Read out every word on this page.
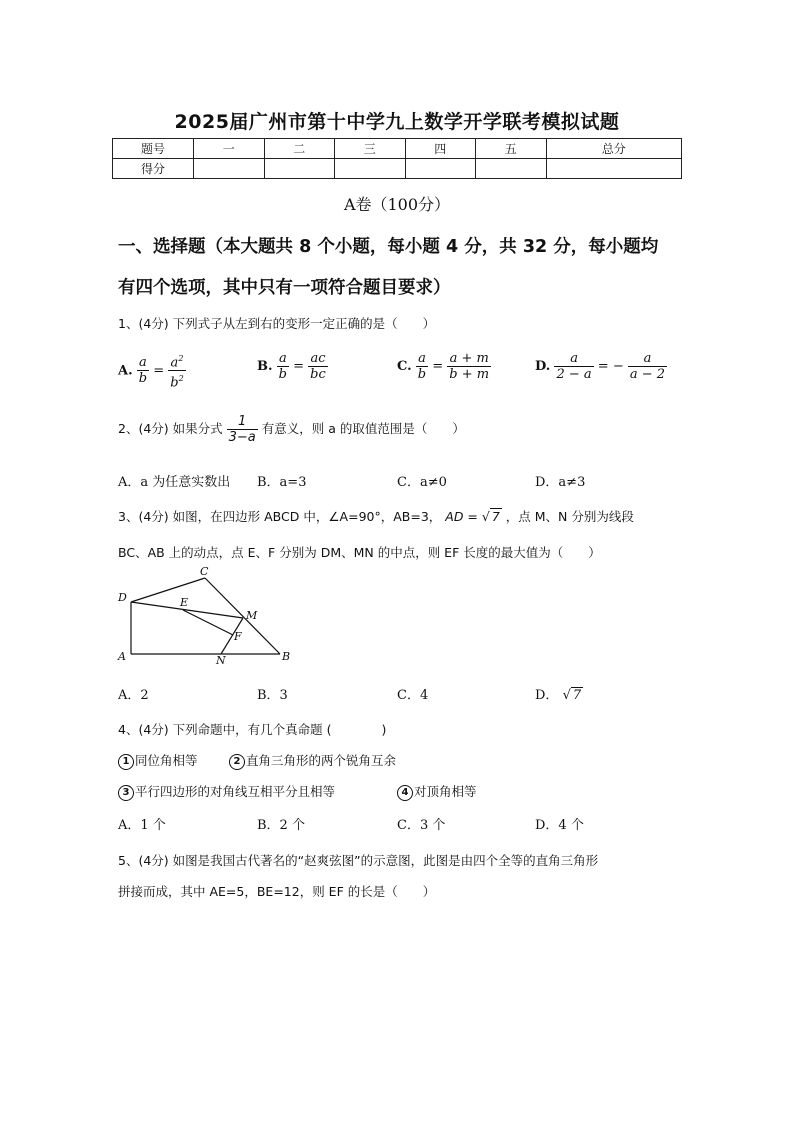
2025届广州市第十中学九上数学开学联考模拟试题
题号	一	二	三	四	五	总分
得分						
A卷（100分）
一、选择题（本大题共 8 个小题，每小题 4 分，共 32 分，每小题均
有四个选项，其中只有一项符合题目要求）
1、(4分) 下列式子从左到右的变形一定正确的是（　　）
A. $\frac{a}{b} = \frac{a^2}{b^2}$	B. $\frac{a}{b} = \frac{ac}{bc}$	C. $\frac{a}{b} = \frac{a + m}{b + m}$	D. $\frac{a}{2 - a}$ = − $\frac{a}{a - 2}$
2、(4分) 如果分式 $\frac{1}{3-a}$ 有意义，则 a 的取值范围是（　　）
A．a 为任意实数出 B．a=3	C．a≠0	D．a≠3
3、(4分) 如图，在四边形 ABCD 中，∠A=90°，AB=3， AD = √ 7 ，点 M、N 分别为线段
BC、AB 上的动点，点 E、F 分别为 DM、MN 的中点，则 EF 长度的最大值为（　　）
C
D	E
M
F
A	N	B
A．2	B．3	C．4	D． √ 7
4、(4分) 下列命题中，有几个真命题 (　　　　)
1 同位角相等	2 直角三角形的两个锐角互余
3 平行四边形的对角线互相平分且相等	4 对顶角相等
A．1 个	B．2 个	C．3 个	D．4 个
5、(4分) 如图是我国古代著名的“赵爽弦图”的示意图，此图是由四个全等的直角三角形
拼接而成，其中 AE=5，BE=12，则 EF 的长是（　　）
